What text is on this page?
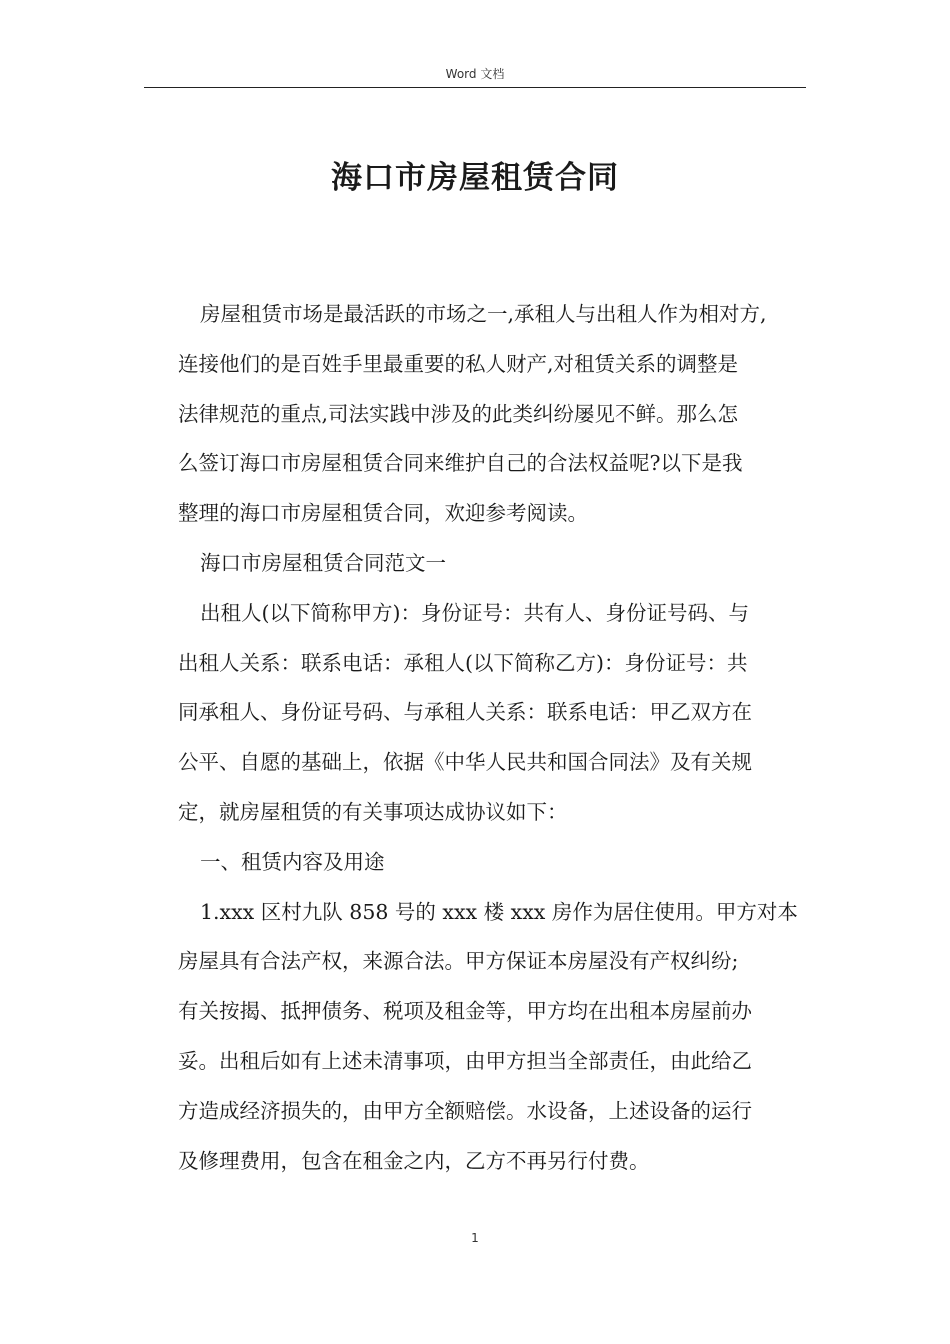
Word 文档
海口市房屋租赁合同

房屋租赁市场是最活跃的市场之一,承租人与出租人作为相对方,
连接他们的是百姓手里最重要的私人财产,对租赁关系的调整是
法律规范的重点,司法实践中涉及的此类纠纷屡见不鲜。那么怎
么签订海口市房屋租赁合同来维护自己的合法权益呢?以下是我
整理的海口市房屋租赁合同，欢迎参考阅读。

海口市房屋租赁合同范文一

出租人(以下简称甲方)：身份证号：共有人、身份证号码、与
出租人关系：联系电话：承租人(以下简称乙方)：身份证号：共
同承租人、身份证号码、与承租人关系：联系电话：甲乙双方在
公平、自愿的基础上，依据《中华人民共和国合同法》及有关规
定，就房屋租赁的有关事项达成协议如下：

一、租赁内容及用途

1.xxx 区村九队 858 号的 xxx 楼 xxx 房作为居住使用。甲方对本
房屋具有合法产权，来源合法。甲方保证本房屋没有产权纠纷;
有关按揭、抵押债务、税项及租金等，甲方均在出租本房屋前办
妥。出租后如有上述未清事项，由甲方担当全部责任，由此给乙
方造成经济损失的，由甲方全额赔偿。水设备，上述设备的运行
及修理费用，包含在租金之内，乙方不再另行付费。

1
